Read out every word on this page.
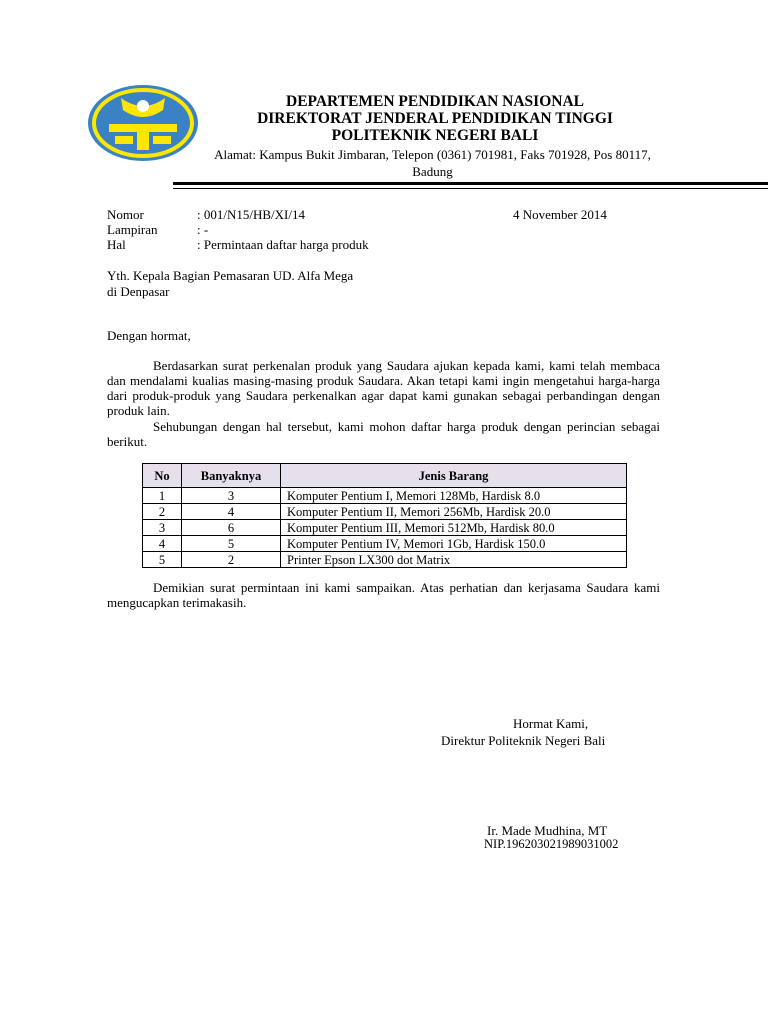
DEPARTEMEN PENDIDIKAN NASIONAL

DIREKTORAT JENDERAL PENDIDIKAN TINGGI

POLITEKNIK NEGERI BALI

Alamat: Kampus Bukit Jimbaran, Telepon (0361) 701981, Faks 701928, Pos 80117, Badung

Nomor	: 001/N15/HB/XI/14	4 November 2014
Lampiran	: -
Hal	: Permintaan daftar harga produk
Yth. Kepala Bagian Pemasaran UD. Alfa Mega
di Denpasar
Dengan hormat,

Berdasarkan surat perkenalan produk yang Saudara ajukan kepada kami, kami telah membaca dan mendalami kualias masing-masing produk Saudara. Akan tetapi kami ingin mengetahui harga-harga dari produk-produk yang Saudara perkenalkan agar dapat kami gunakan sebagai perbandingan dengan produk lain.

Sehubungan dengan hal tersebut, kami mohon daftar harga produk dengan perincian sebagai berikut.

No	Banyaknya	Jenis Barang
1	3	Komputer Pentium I, Memori 128Mb, Hardisk 8.0
2	4	Komputer Pentium II, Memori 256Mb, Hardisk 20.0
3	6	Komputer Pentium III, Memori 512Mb, Hardisk 80.0
4	5	Komputer Pentium IV, Memori 1Gb, Hardisk 150.0
5	2	Printer Epson LX300 dot Matrix

Demikian surat permintaan ini kami sampaikan. Atas perhatian dan kerjasama Saudara kami mengucapkan terimakasih.

Hormat Kami,
Direktur Politeknik Negeri Bali
Ir. Made Mudhina, MT
NIP.196203021989031002
